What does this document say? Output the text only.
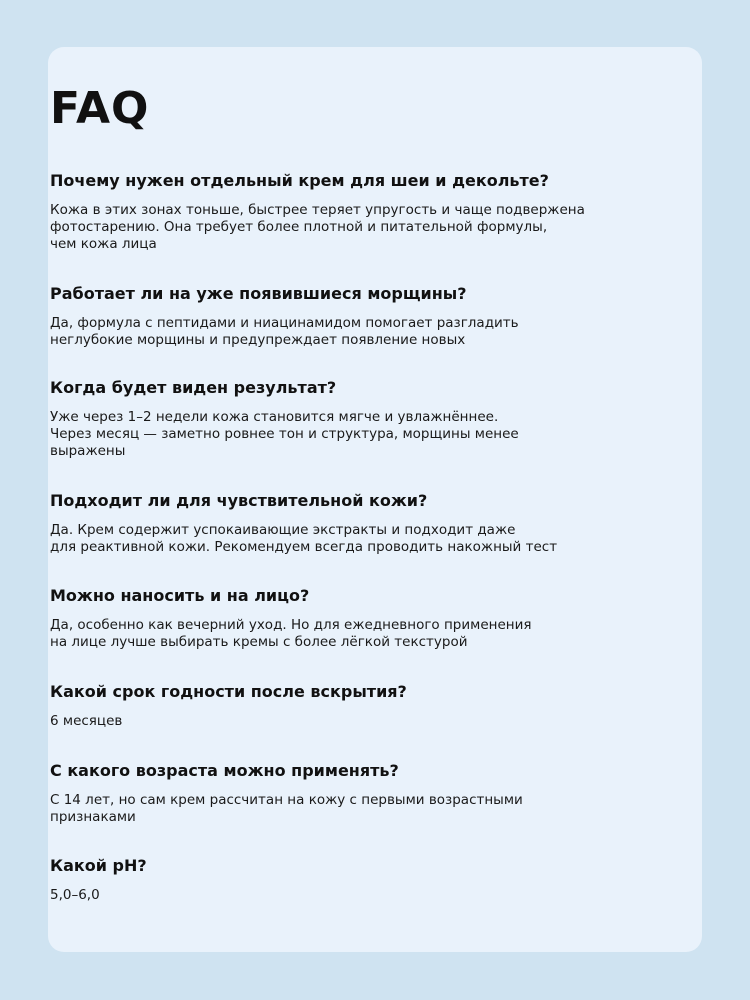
FAQ

Почему нужен отдельный крем для шеи и декольте?

Кожа в этих зонах тоньше, быстрее теряет упругость и чаще подвержена
фотостарению. Она требует более плотной и питательной формулы,
чем кожа лица

Работает ли на уже появившиеся морщины?

Да, формула с пептидами и ниацинамидом помогает разгладить
неглубокие морщины и предупреждает появление новых

Когда будет виден результат?

Уже через 1–2 недели кожа становится мягче и увлажнённее.
Через месяц — заметно ровнее тон и структура, морщины менее
выражены

Подходит ли для чувствительной кожи?

Да. Крем содержит успокаивающие экстракты и подходит даже
для реактивной кожи. Рекомендуем всегда проводить накожный тест

Можно наносить и на лицо?

Да, особенно как вечерний уход. Но для ежедневного применения
на лице лучше выбирать кремы с более лёгкой текстурой

Какой срок годности после вскрытия?

6 месяцев

С какого возраста можно применять?

С 14 лет, но сам крем рассчитан на кожу с первыми возрастными
признаками

Какой pH?

5,0–6,0
